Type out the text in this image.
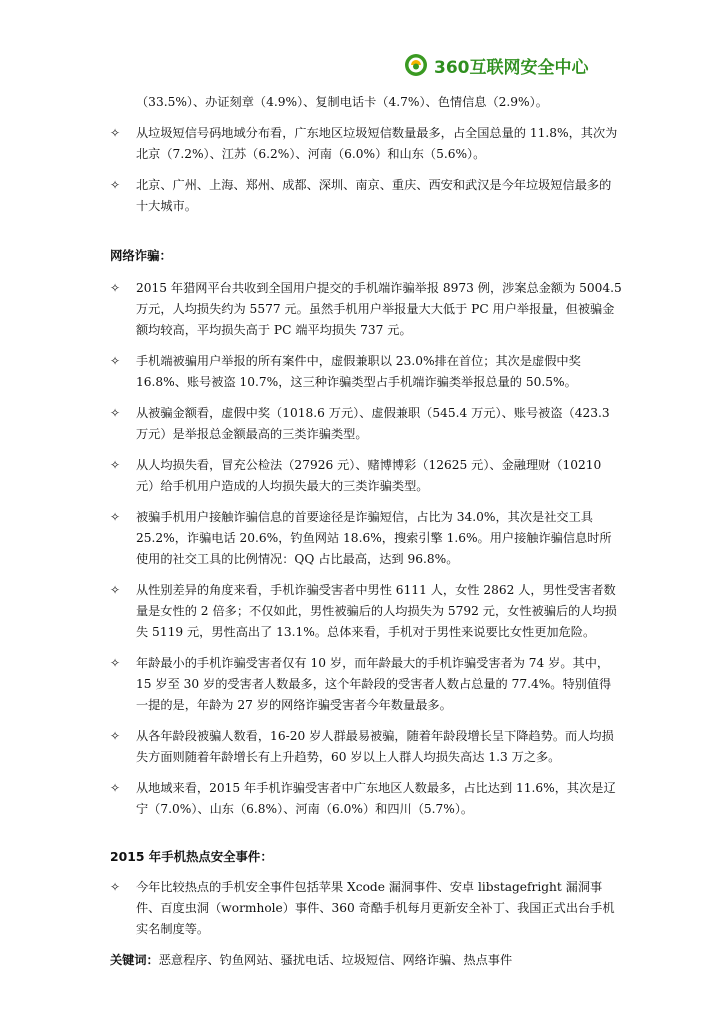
360互联网安全中心
（33.5%）、办证刻章（4.9%）、复制电话卡（4.7%）、色情信息（2.9%）。
✧ 从垃圾短信号码地域分布看，广东地区垃圾短信数量最多，占全国总量的 11.8%，其次为北京（7.2%）、江苏（6.2%）、河南（6.0%）和山东（5.6%）。
✧ 北京、广州、上海、郑州、成都、深圳、南京、重庆、西安和武汉是今年垃圾短信最多的十大城市。
网络诈骗：
✧ 2015 年猎网平台共收到全国用户提交的手机端诈骗举报 8973 例，涉案总金额为 5004.5 万元，人均损失约为 5577 元。虽然手机用户举报量大大低于 PC 用户举报量，但被骗金额均较高，平均损失高于 PC 端平均损失 737 元。
✧ 手机端被骗用户举报的所有案件中，虚假兼职以 23.0%排在首位；其次是虚假中奖 16.8%、账号被盗 10.7%，这三种诈骗类型占手机端诈骗类举报总量的 50.5%。
✧ 从被骗金额看，虚假中奖（1018.6 万元）、虚假兼职（545.4 万元）、账号被盗（423.3 万元）是举报总金额最高的三类诈骗类型。
✧ 从人均损失看，冒充公检法（27926 元）、赌博博彩（12625 元）、金融理财（10210 元）给手机用户造成的人均损失最大的三类诈骗类型。
✧ 被骗手机用户接触诈骗信息的首要途径是诈骗短信，占比为 34.0%，其次是社交工具 25.2%，诈骗电话 20.6%，钓鱼网站 18.6%，搜索引擎 1.6%。用户接触诈骗信息时所使用的社交工具的比例情况：QQ 占比最高，达到 96.8%。
✧ 从性别差异的角度来看，手机诈骗受害者中男性 6111 人，女性 2862 人，男性受害者数量是女性的 2 倍多；不仅如此，男性被骗后的人均损失为 5792 元，女性被骗后的人均损失 5119 元，男性高出了 13.1%。总体来看，手机对于男性来说要比女性更加危险。
✧ 年龄最小的手机诈骗受害者仅有 10 岁，而年龄最大的手机诈骗受害者为 74 岁。其中，15 岁至 30 岁的受害者人数最多，这个年龄段的受害者人数占总量的 77.4%。特别值得一提的是，年龄为 27 岁的网络诈骗受害者今年数量最多。
✧ 从各年龄段被骗人数看，16-20 岁人群最易被骗，随着年龄段增长呈下降趋势。而人均损失方面则随着年龄增长有上升趋势，60 岁以上人群人均损失高达 1.3 万之多。
✧ 从地域来看，2015 年手机诈骗受害者中广东地区人数最多，占比达到 11.6%，其次是辽宁（7.0%）、山东（6.8%）、河南（6.0%）和四川（5.7%）。
2015 年手机热点安全事件：
✧ 今年比较热点的手机安全事件包括苹果 Xcode 漏洞事件、安卓 libstagefright 漏洞事件、百度虫洞（wormhole）事件、360 奇酷手机每月更新安全补丁、我国正式出台手机实名制度等。
关键词：恶意程序、钓鱼网站、骚扰电话、垃圾短信、网络诈骗、热点事件
